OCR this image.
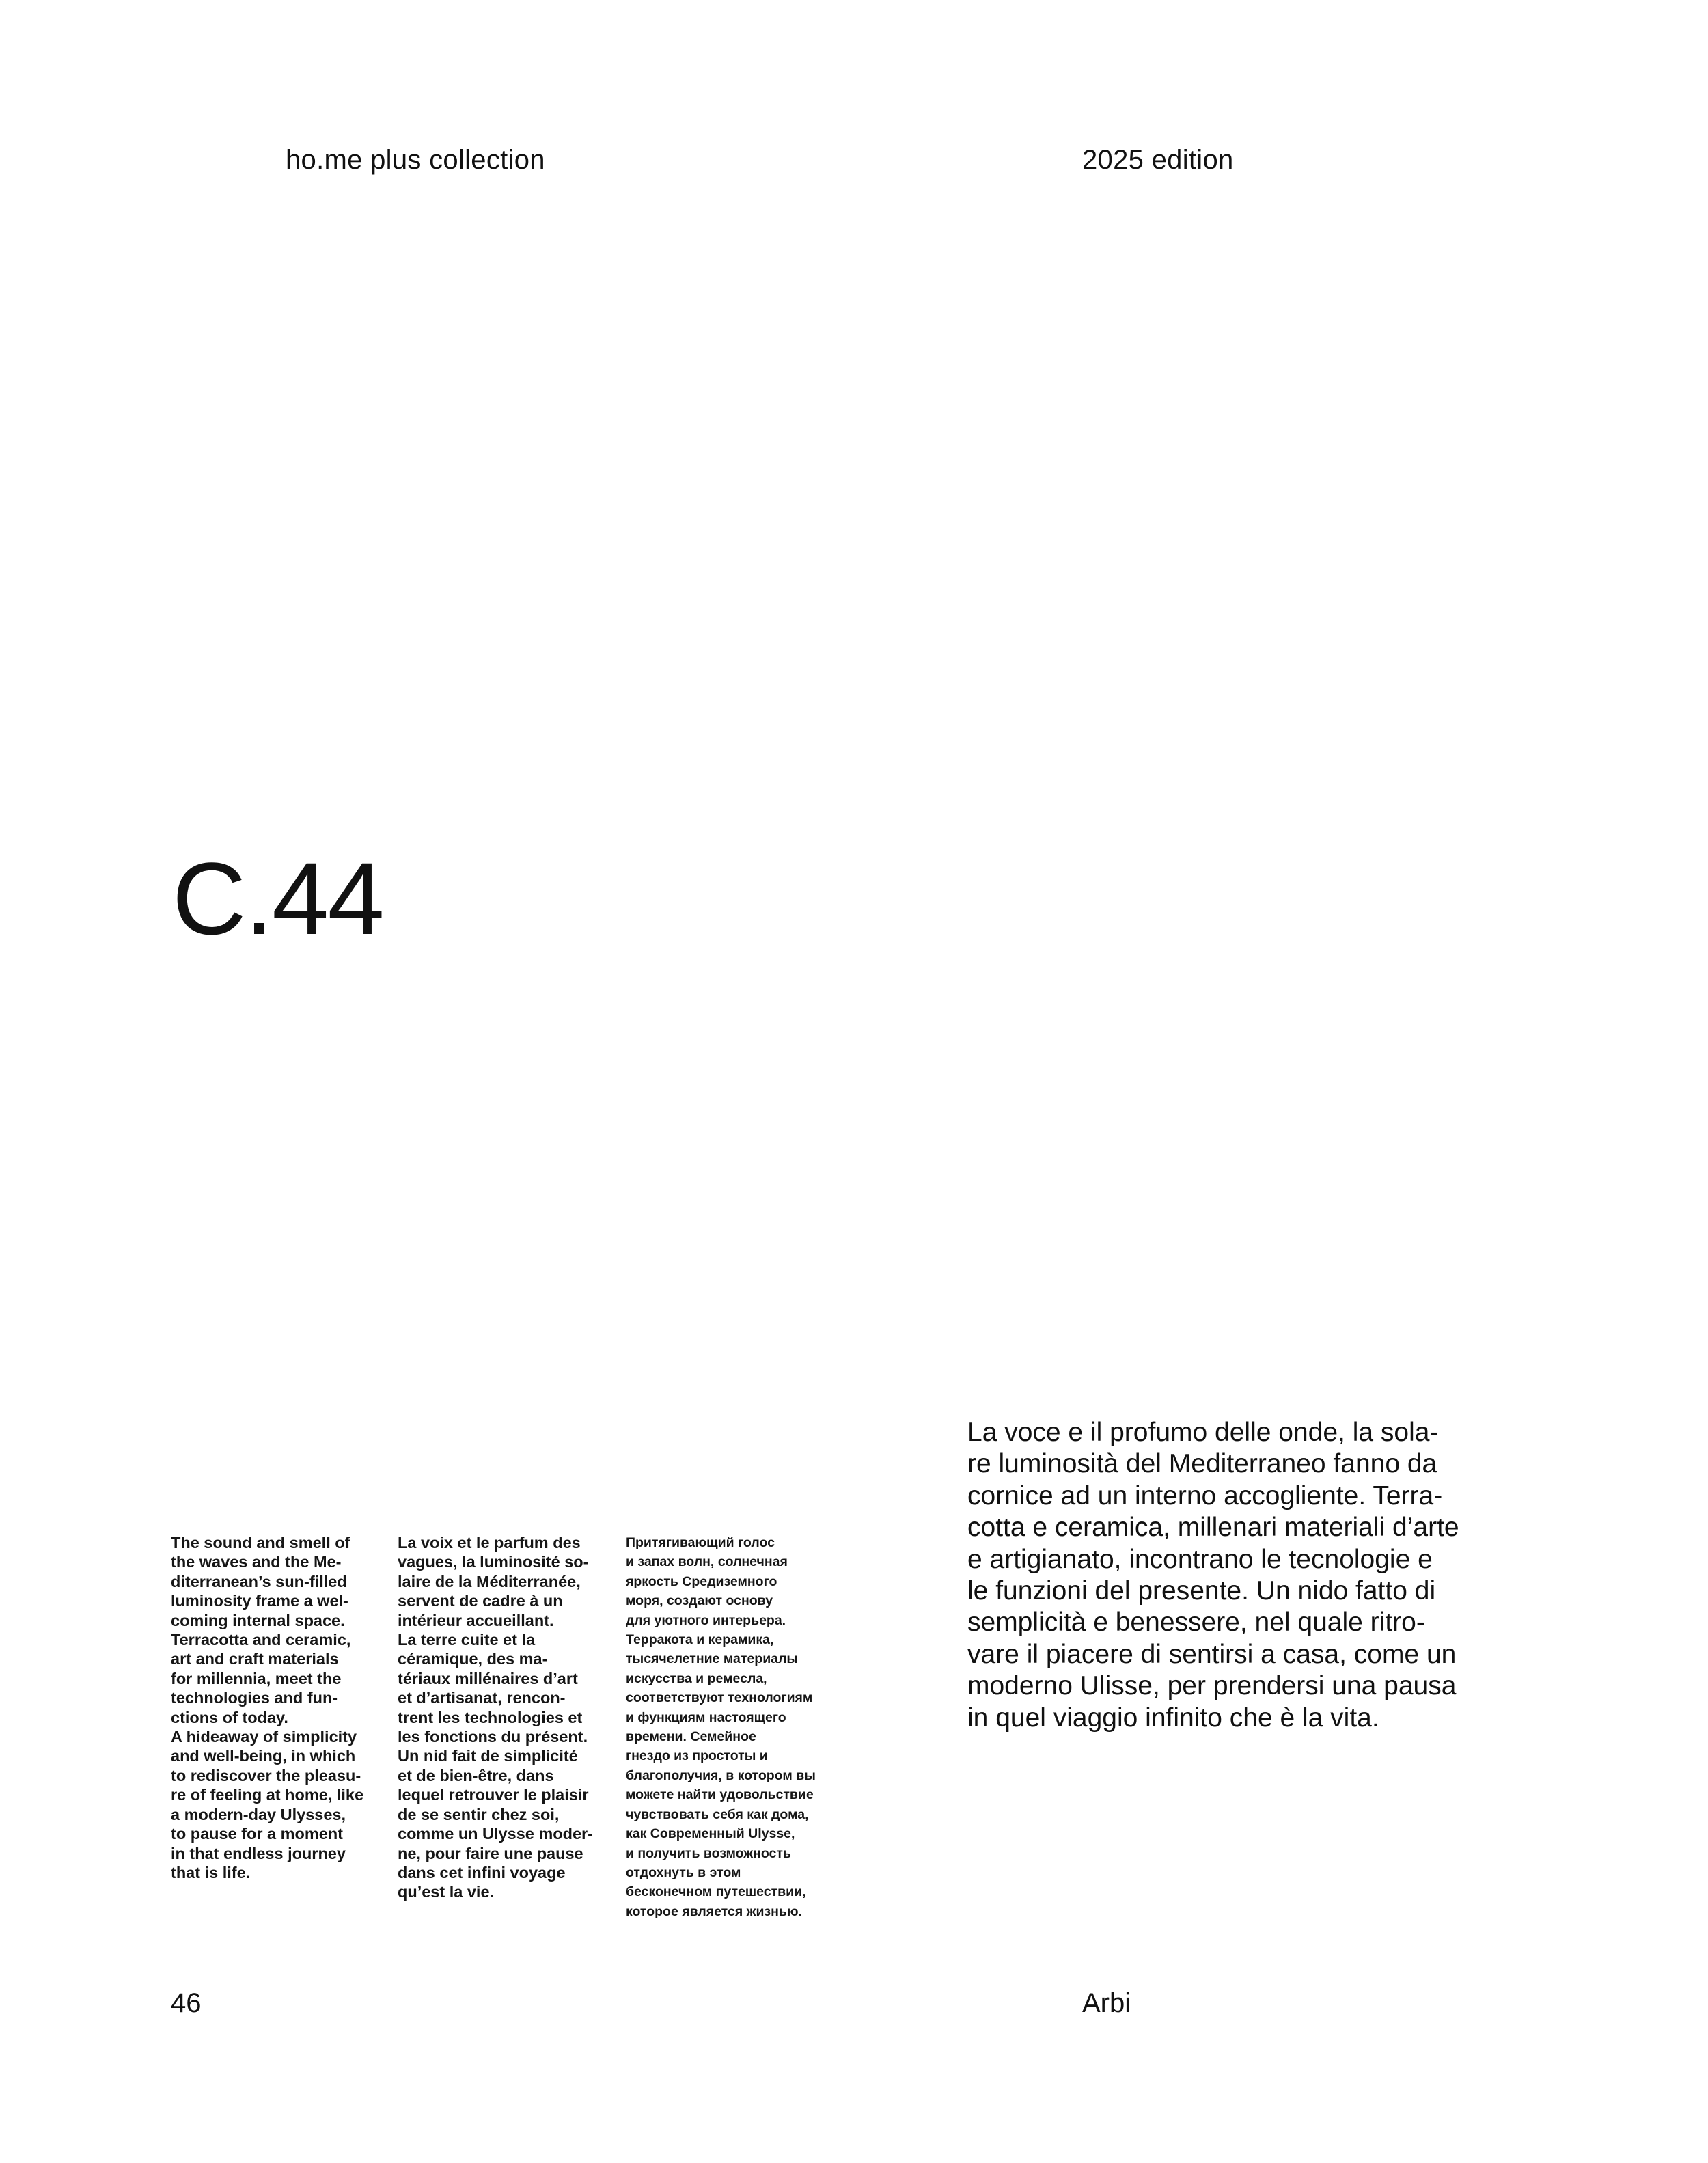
ho.me plus collection	2025 edition
C.44
The sound and smell of
the waves and the Me-
diterranean’s sun-filled
luminosity frame a wel-
coming internal space.
Terracotta and ceramic,
art and craft materials
for millennia, meet the
technologies and fun-
ctions of today.
A hideaway of simplicity
and well-being, in which
to rediscover the pleasu-
re of feeling at home, like
a modern-day Ulysses,
to pause for a moment
in that endless journey
that is life.
La voix et le parfum des
vagues, la luminosité so-
laire de la Méditerranée,
servent de cadre à un
intérieur accueillant.
La terre cuite et la
céramique, des ma-
tériaux millénaires d’art
et d’artisanat, rencon-
trent les technologies et
les fonctions du présent.
Un nid fait de simplicité
et de bien-être, dans
lequel retrouver le plaisir
de se sentir chez soi,
comme un Ulysse moder-
ne, pour faire une pause
dans cet infini voyage
qu’est la vie.
Притягивающий голос
и запах волн, солнечная
яркость Средиземного
моря, создают основу
для уютного интерьера.
Терракота и керамика,
тысячелетние материалы
искусства и ремесла,
соответствуют технологиям
и функциям настоящего
времени. Семейное
гнездо из простоты и
благополучия, в котором вы
можете найти удовольствие
чувствовать себя как дома,
как Современный Ulysse,
и получить возможность
отдохнуть в этом
бесконечном путешествии,
которое является жизнью.
La voce e il profumo delle onde, la sola-
re luminosità del Mediterraneo fanno da
cornice ad un interno accogliente. Terra-
cotta e ceramica, millenari materiali d’arte
e artigianato, incontrano le tecnologie e
le funzioni del presente. Un nido fatto di
semplicità e benessere, nel quale ritro-
vare il piacere di sentirsi a casa, come un
moderno Ulisse, per prendersi una pausa
in quel viaggio infinito che è la vita.
46	Arbi
